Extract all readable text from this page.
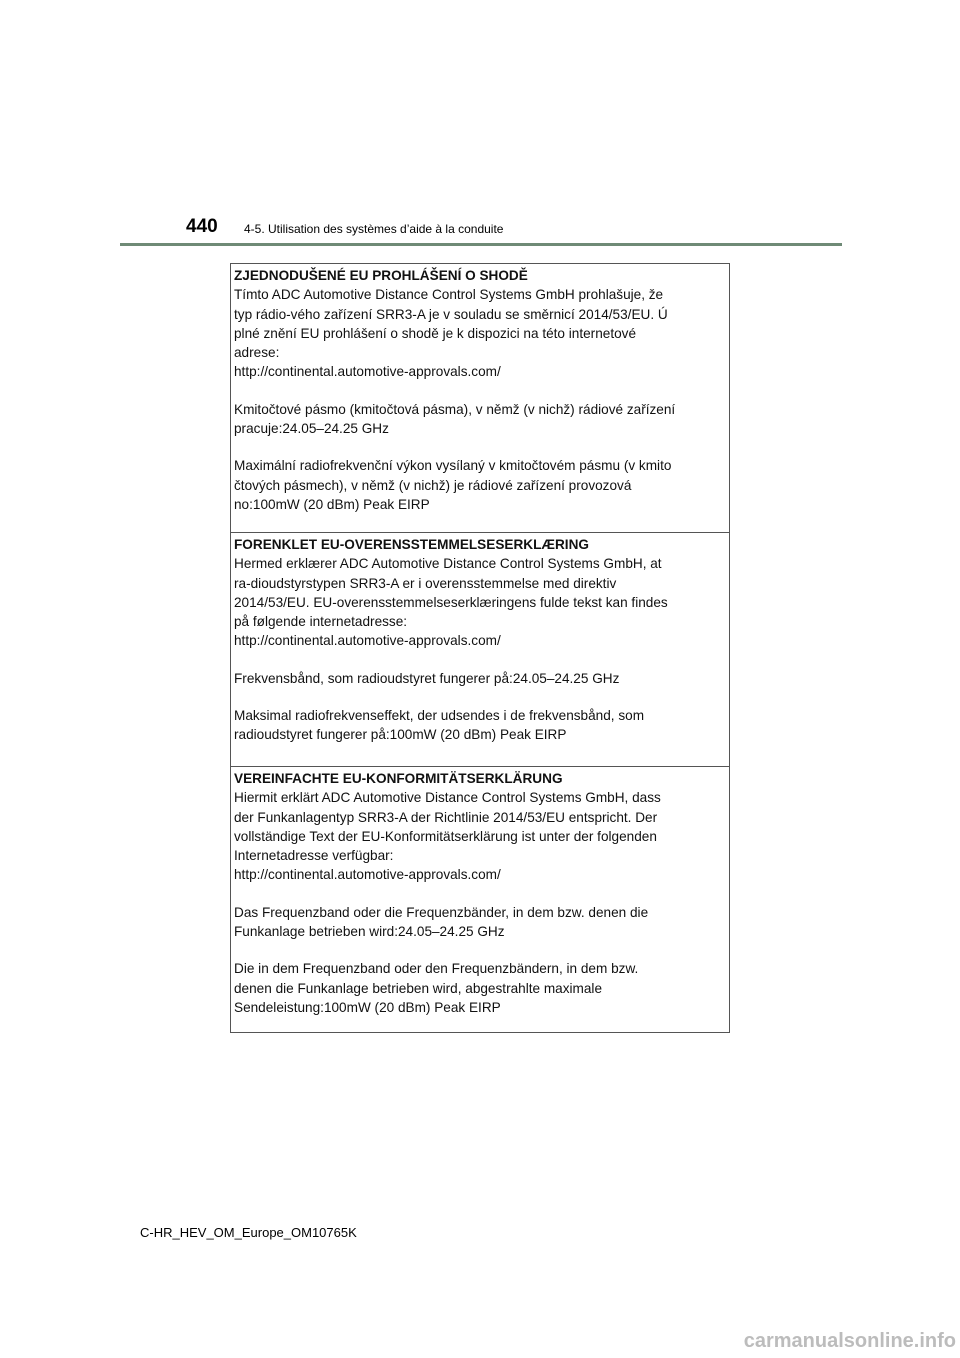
440 4-5. Utilisation des systèmes d’aide à la conduite

ZJEDNODUŠENÉ EU PROHLÁŠENÍ O SHODĚ

Tímto ADC Automotive Distance Control Systems GmbH prohlašuje, že
typ rádio-vého zařízení SRR3-A je v souladu se směrnicí 2014/53/EU. Ú
plné znění EU prohlášení o shodě je k dispozici na této internetové
adrese:
http://continental.automotive-approvals.com/

Kmitočtové pásmo (kmitočtová pásma), v němž (v nichž) rádiové zařízení
pracuje:24.05–24.25 GHz

Maximální radiofrekvenční výkon vysílaný v kmitočtovém pásmu (v kmito
čtových pásmech), v němž (v nichž) je rádiové zařízení provozová
no:100mW (20 dBm) Peak EIRP

FORENKLET EU-OVERENSSTEMMELSESERKLÆRING

Hermed erklærer ADC Automotive Distance Control Systems GmbH, at
ra-dioudstyrstypen SRR3-A er i overensstemmelse med direktiv
2014/53/EU. EU-overensstemmelseserklæringens fulde tekst kan findes
på følgende internetadresse:
http://continental.automotive-approvals.com/

Frekvensbånd, som radioudstyret fungerer på:24.05–24.25 GHz

Maksimal radiofrekvenseffekt, der udsendes i de frekvensbånd, som
radioudstyret fungerer på:100mW (20 dBm) Peak EIRP

VEREINFACHTE EU-KONFORMITÄTSERKLÄRUNG

Hiermit erklärt ADC Automotive Distance Control Systems GmbH, dass
der Funkanlagentyp SRR3-A der Richtlinie 2014/53/EU entspricht. Der
vollständige Text der EU-Konformitätserklärung ist unter der folgenden
Internetadresse verfügbar:
http://continental.automotive-approvals.com/

Das Frequenzband oder die Frequenzbänder, in dem bzw. denen die
Funkanlage betrieben wird:24.05–24.25 GHz

Die in dem Frequenzband oder den Frequenzbändern, in dem bzw.
denen die Funkanlage betrieben wird, abgestrahlte maximale
Sendeleistung:100mW (20 dBm) Peak EIRP

C-HR_HEV_OM_Europe_OM10765K
carmanualsonline.info
